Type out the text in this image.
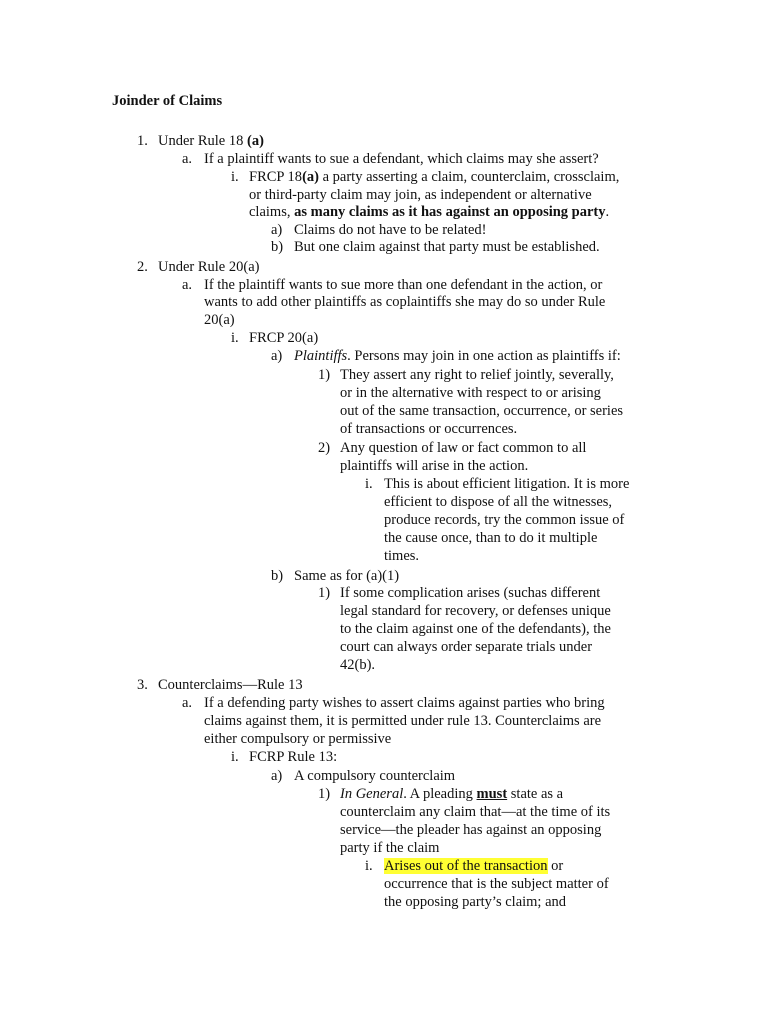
Joinder of Claims
1. Under Rule 18 (a)
a. If a plaintiff wants to sue a defendant, which claims may she assert?
i. FRCP 18(a) a party asserting a claim, counterclaim, crossclaim,
or third-party claim may join, as independent or alternative
claims, as many claims as it has against an opposing party.
a) Claims do not have to be related!
b) But one claim against that party must be established.
2. Under Rule 20(a)
a. If the plaintiff wants to sue more than one defendant in the action, or
wants to add other plaintiffs as coplaintiffs she may do so under Rule
20(a)
i. FRCP 20(a)
a) Plaintiffs. Persons may join in one action as plaintiffs if:
1) They assert any right to relief jointly, severally,
or in the alternative with respect to or arising
out of the same transaction, occurrence, or series
of transactions or occurrences.
2) Any question of law or fact common to all
plaintiffs will arise in the action.
i. This is about efficient litigation. It is more
efficient to dispose of all the witnesses,
produce records, try the common issue of
the cause once, than to do it multiple
times.
b) Same as for (a)(1)
1) If some complication arises (suchas different
legal standard for recovery, or defenses unique
to the claim against one of the defendants), the
court can always order separate trials under
42(b).
3. Counterclaims—Rule 13
a. If a defending party wishes to assert claims against parties who bring
claims against them, it is permitted under rule 13. Counterclaims are
either compulsory or permissive
i. FCRP Rule 13:
a) A compulsory counterclaim
1) In General. A pleading must state as a
counterclaim any claim that—at the time of its
service—the pleader has against an opposing
party if the claim
i. Arises out of the transaction or
occurrence that is the subject matter of
the opposing party’s claim; and
